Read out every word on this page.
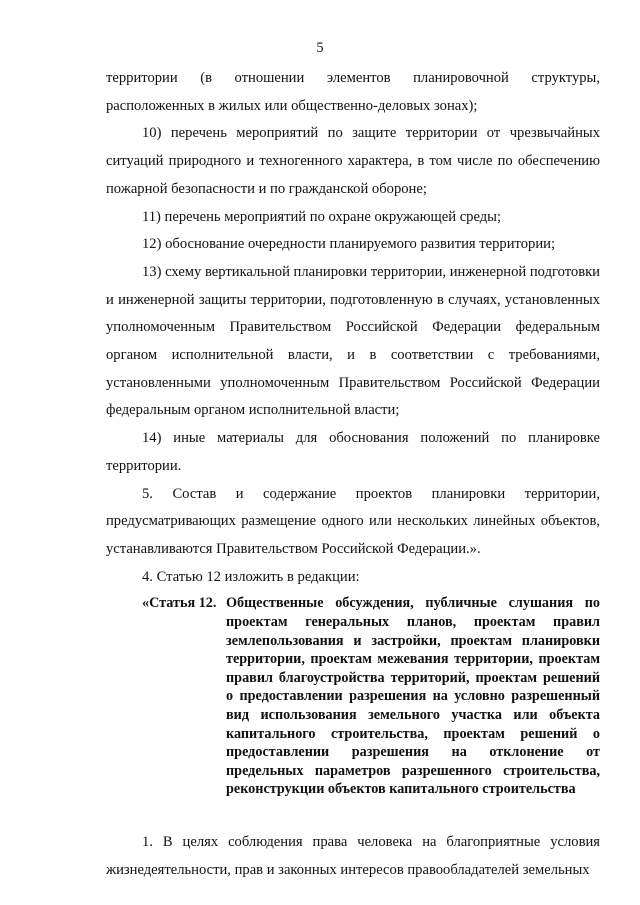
5

территории (в отношении элементов планировочной структуры, расположенных в жилых или общественно-деловых зонах);

10) перечень мероприятий по защите территории от чрезвычайных ситуаций природного и техногенного характера, в том числе по обеспечению пожарной безопасности и по гражданской обороне;

11) перечень мероприятий по охране окружающей среды;

12) обоснование очередности планируемого развития территории;

13) схему вертикальной планировки территории, инженерной подготовки и инженерной защиты территории, подготовленную в случаях, установленных уполномоченным Правительством Российской Федерации федеральным органом исполнительной власти, и в соответствии с требованиями, установленными уполномоченным Правительством Российской Федерации федеральным органом исполнительной власти;

14) иные материалы для обоснования положений по планировке территории.

5. Состав и содержание проектов планировки территории, предусматривающих размещение одного или нескольких линейных объектов, устанавливаются Правительством Российской Федерации.».

4. Статью 12 изложить в редакции:

«Статья 12. Общественные обсуждения, публичные слушания по проектам генеральных планов, проектам правил землепользования и застройки, проектам планировки территории, проектам межевания территории, проектам правил благоустройства территорий, проектам решений о предоставлении разрешения на условно разрешенный вид использования земельного участка или объекта капитального строительства, проектам решений о предоставлении разрешения на отклонение от предельных параметров разрешенного строительства, реконструкции объектов капитального строительства

1. В целях соблюдения права человека на благоприятные условия жизнедеятельности, прав и законных интересов правообладателей земельных
